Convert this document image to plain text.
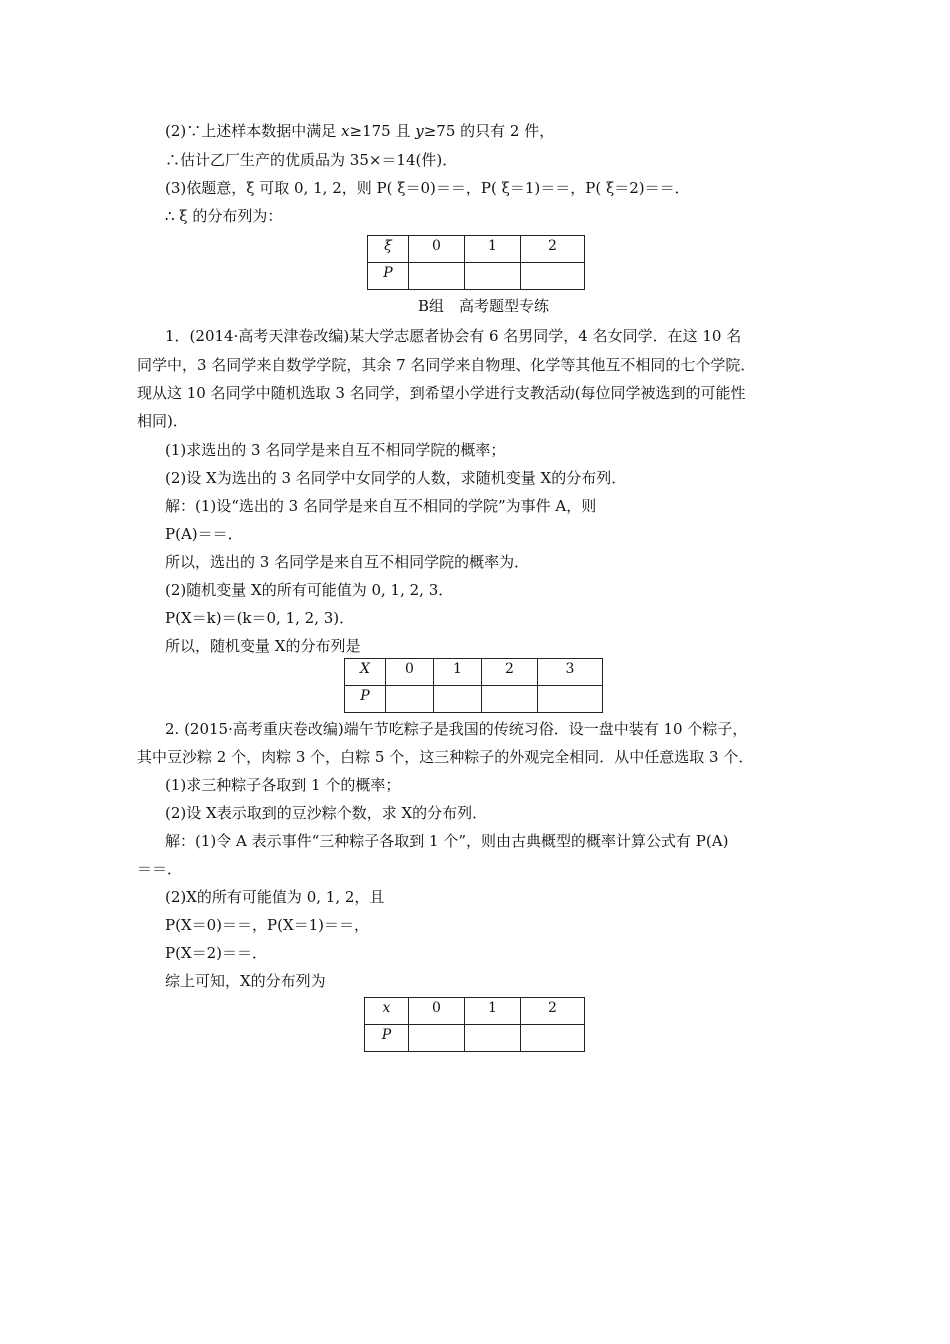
(2)∵上述样本数据中满足 x≥175 且 y≥75 的只有 2 件，
∴估计乙厂生产的优质品为 35×＝14(件)．
(3)依题意，ξ 可取 0, 1, 2，则 P( ξ＝0)＝＝，P( ξ＝1)＝＝，P( ξ＝2)＝＝．
∴ ξ 的分布列为：
ξ	0	1	2
P			
B组　高考题型专练
1．(2014·高考天津卷改编)某大学志愿者协会有 6 名男同学，4 名女同学．在这 10 名
同学中，3 名同学来自数学学院，其余 7 名同学来自物理、化学等其他互不相同的七个学院．
现从这 10 名同学中随机选取 3 名同学，到希望小学进行支教活动(每位同学被选到的可能性
相同)．
(1)求选出的 3 名同学是来自互不相同学院的概率；
(2)设 X为选出的 3 名同学中女同学的人数，求随机变量 X的分布列．
解：(1)设“选出的 3 名同学是来自互不相同的学院”为事件 A，则
P(A)＝＝．
所以，选出的 3 名同学是来自互不相同学院的概率为．
(2)随机变量 X的所有可能值为 0, 1, 2, 3．
P(X＝k)＝(k＝0, 1, 2, 3)．
所以，随机变量 X的分布列是
X	0	1	2	3
P				
2. (2015·高考重庆卷改编)端午节吃粽子是我国的传统习俗．设一盘中装有 10 个粽子，
其中豆沙粽 2 个，肉粽 3 个，白粽 5 个，这三种粽子的外观完全相同．从中任意选取 3 个．
(1)求三种粽子各取到 1 个的概率；
(2)设 X表示取到的豆沙粽个数，求 X的分布列．
解：(1)令 A 表示事件“三种粽子各取到 1 个”，则由古典概型的概率计算公式有 P(A)
＝＝．
(2)X的所有可能值为 0, 1, 2，且
P(X＝0)＝＝，P(X＝1)＝＝，
P(X＝2)＝＝．
综上可知，X的分布列为
x	0	1	2
P			
